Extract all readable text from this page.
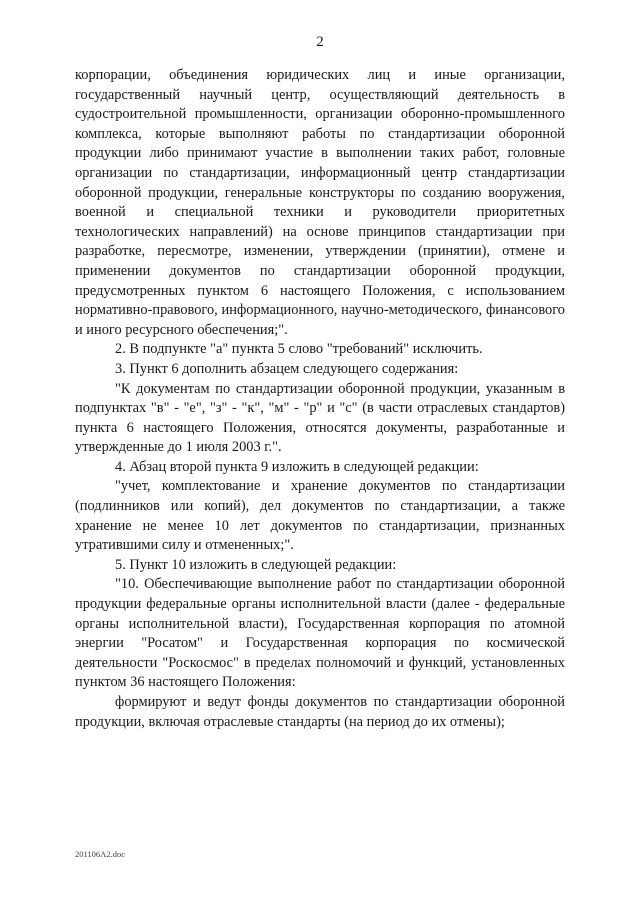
2

корпорации, объединения юридических лиц и иные организации, государственный научный центр, осуществляющий деятельность в судостроительной промышленности, организации оборонно-промышленного комплекса, которые выполняют работы по стандартизации оборонной продукции либо принимают участие в выполнении таких работ, головные организации по стандартизации, информационный центр стандартизации оборонной продукции, генеральные конструкторы по созданию вооружения, военной и специальной техники и руководители приоритетных технологических направлений) на основе принципов стандартизации при разработке, пересмотре, изменении, утверждении (принятии), отмене и применении документов по стандартизации оборонной продукции, предусмотренных пунктом 6 настоящего Положения, с использованием нормативно-правового, информационного, научно-методического, финансового и иного ресурсного обеспечения;".

2. В подпункте "а" пункта 5 слово "требований" исключить.

3. Пункт 6 дополнить абзацем следующего содержания:

"К документам по стандартизации оборонной продукции, указанным в подпунктах "в" - "е", "з" - "к", "м" - "р" и "с" (в части отраслевых стандартов) пункта 6 настоящего Положения, относятся документы, разработанные и утвержденные до 1 июля 2003 г.".

4. Абзац второй пункта 9 изложить в следующей редакции:

"учет, комплектование и хранение документов по стандартизации (подлинников или копий), дел документов по стандартизации, а также хранение не менее 10 лет документов по стандартизации, признанных утратившими силу и отмененных;".

5. Пункт 10 изложить в следующей редакции:

"10. Обеспечивающие выполнение работ по стандартизации оборонной продукции федеральные органы исполнительной власти (далее - федеральные органы исполнительной власти), Государственная корпорация по атомной энергии "Росатом" и Государственная корпорация по космической деятельности "Роскосмос" в пределах полномочий и функций, установленных пунктом 36 настоящего Положения:

формируют и ведут фонды документов по стандартизации оборонной продукции, включая отраслевые стандарты (на период до их отмены);

201106А2.doc
